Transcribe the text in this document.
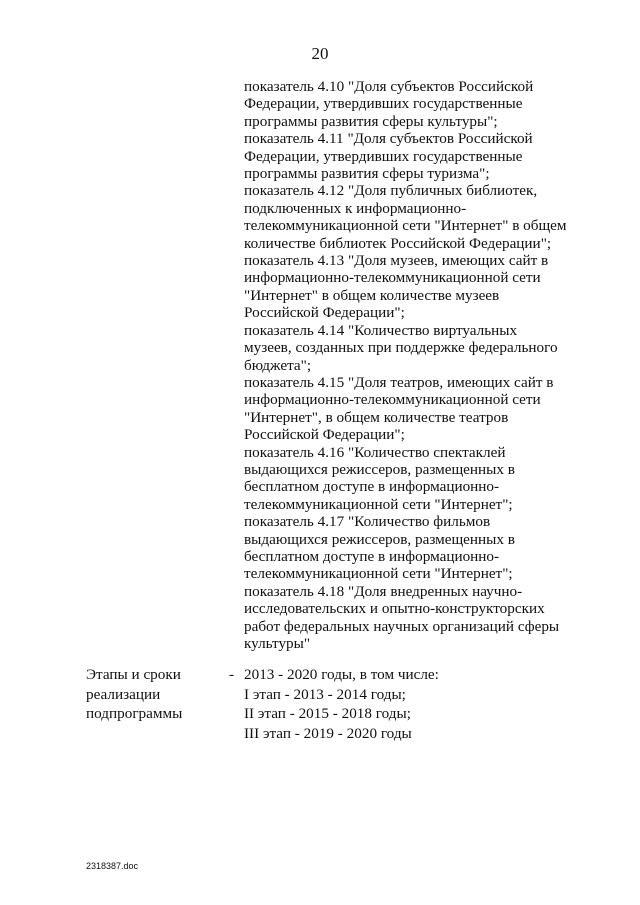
20
показатель 4.10 "Доля субъектов Российской
Федерации, утвердивших государственные
программы развития сферы культуры";
показатель 4.11 "Доля субъектов Российской
Федерации, утвердивших государственные
программы развития сферы туризма";
показатель 4.12 "Доля публичных библиотек,
подключенных к информационно-
телекоммуникационной сети "Интернет" в общем
количестве библиотек Российской Федерации";
показатель 4.13 "Доля музеев, имеющих сайт в
информационно-телекоммуникационной сети
"Интернет" в общем количестве музеев
Российской Федерации";
показатель 4.14 "Количество виртуальных
музеев, созданных при поддержке федерального
бюджета";
показатель 4.15 "Доля театров, имеющих сайт в
информационно-телекоммуникационной сети
"Интернет", в общем количестве театров
Российской Федерации";
показатель 4.16 "Количество спектаклей
выдающихся режиссеров, размещенных в
бесплатном доступе в информационно-
телекоммуникационной сети "Интернет";
показатель 4.17 "Количество фильмов
выдающихся режиссеров, размещенных в
бесплатном доступе в информационно-
телекоммуникационной сети "Интернет";
показатель 4.18 "Доля внедренных научно-
исследовательских и опытно-конструкторских
работ федеральных научных организаций сферы
культуры"
Этапы и сроки
реализации
подпрограммы
- 2013 - 2020 годы, в том числе:
I этап - 2013 - 2014 годы;
II этап - 2015 - 2018 годы;
III этап - 2019 - 2020 годы
2318387.doc
